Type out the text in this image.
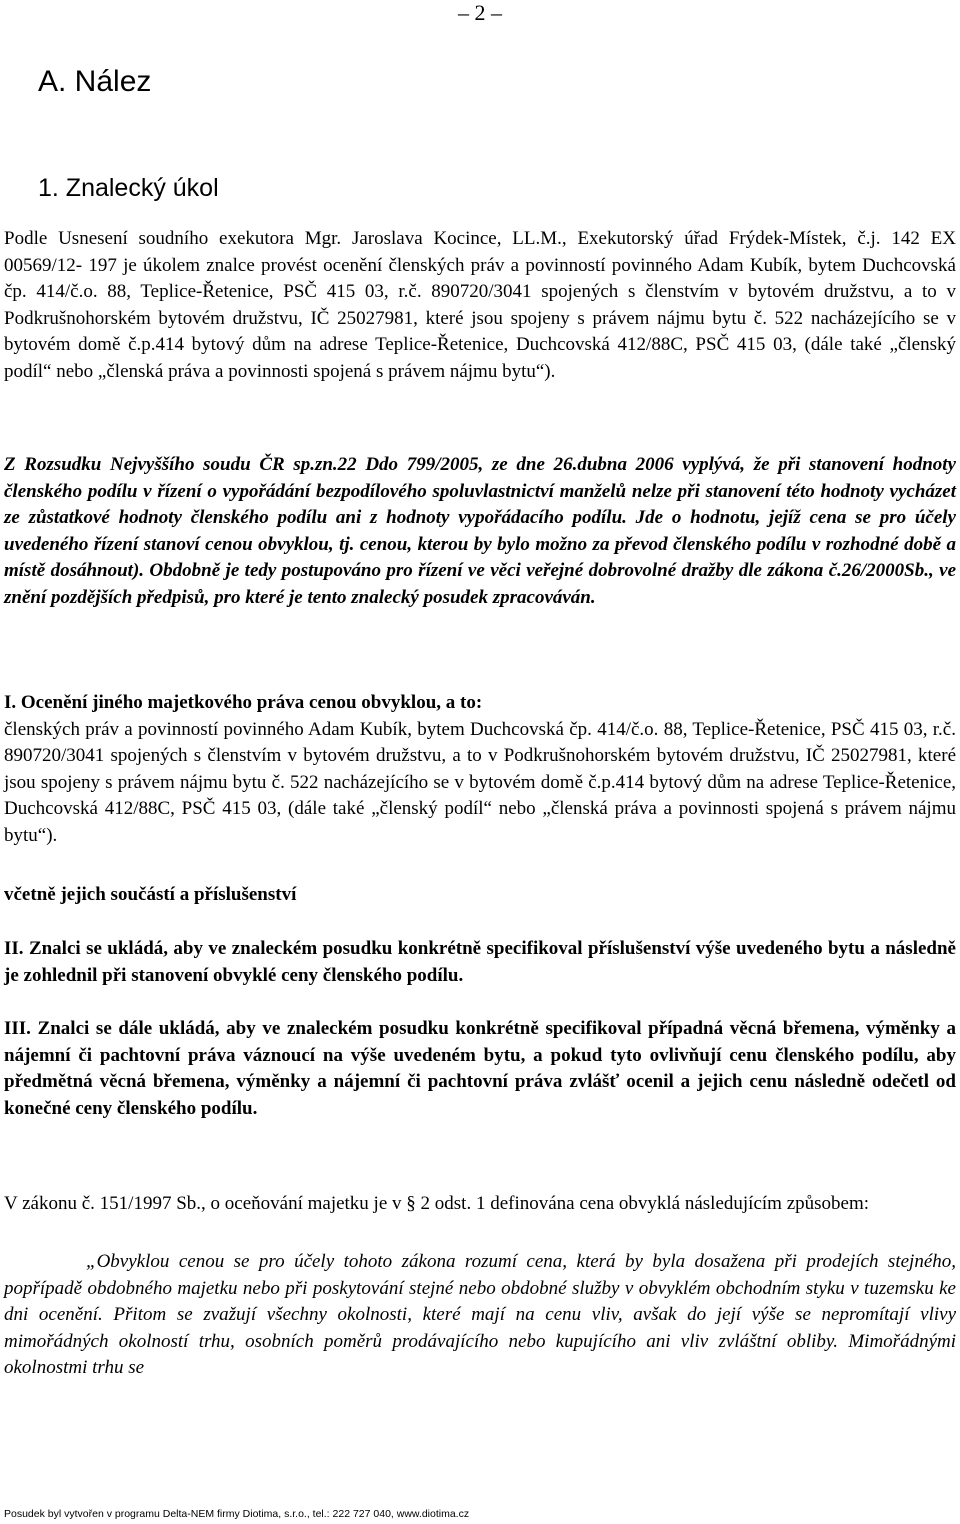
– 2 –
A. Nález
1. Znalecký úkol

Podle Usnesení soudního exekutora Mgr. Jaroslava Kocince, LL.M., Exekutorský úřad Frýdek-Místek, č.j. 142 EX 00569/12- 197 je úkolem znalce provést ocenění členských práv a povinností povinného Adam Kubík, bytem Duchcovská čp. 414/č.o. 88, Teplice-Řetenice, PSČ 415 03, r.č. 890720/3041 spojených s členstvím v bytovém družstvu, a to v Podkrušnohorském bytovém družstvu, IČ 25027981, které jsou spojeny s právem nájmu bytu č. 522 nacházejícího se v bytovém domě č.p.414 bytový dům na adrese Teplice-Řetenice, Duchcovská 412/88C, PSČ 415 03, (dále také „členský podíl“ nebo „členská práva a povinnosti spojená s právem nájmu bytu“).

Z Rozsudku Nejvyššího soudu ČR sp.zn.22 Ddo 799/2005, ze dne 26.dubna 2006 vyplývá, že při stanovení hodnoty členského podílu v řízení o vypořádání bezpodílového spoluvlastnictví manželů nelze při stanovení této hodnoty vycházet ze zůstatkové hodnoty členského podílu ani z hodnoty vypořádacího podílu. Jde o hodnotu, jejíž cena se pro účely uvedeného řízení stanoví cenou obvyklou, tj. cenou, kterou by bylo možno za převod členského podílu v rozhodné době a místě dosáhnout). Obdobně je tedy postupováno pro řízení ve věci veřejné dobrovolné dražby dle zákona č.26/2000Sb., ve znění pozdějších předpisů, pro které je tento znalecký posudek zpracováván.

I. Ocenění jiného majetkového práva cenou obvyklou, a to:
členských práv a povinností povinného Adam Kubík, bytem Duchcovská čp. 414/č.o. 88, Teplice-Řetenice, PSČ 415 03, r.č. 890720/3041 spojených s členstvím v bytovém družstvu, a to v Podkrušnohorském bytovém družstvu, IČ 25027981, které jsou spojeny s právem nájmu bytu č. 522 nacházejícího se v bytovém domě č.p.414 bytový dům na adrese Teplice-Řetenice, Duchcovská 412/88C, PSČ 415 03, (dále také „členský podíl“ nebo „členská práva a povinnosti spojená s právem nájmu bytu“).

včetně jejich součástí a příslušenství

II. Znalci se ukládá, aby ve znaleckém posudku konkrétně specifikoval příslušenství výše uvedeného bytu a následně je zohlednil při stanovení obvyklé ceny členského podílu.

III. Znalci se dále ukládá, aby ve znaleckém posudku konkrétně specifikoval případná věcná břemena, výměnky a nájemní či pachtovní práva váznoucí na výše uvedeném bytu, a pokud tyto ovlivňují cenu členského podílu, aby předmětná věcná břemena, výměnky a nájemní či pachtovní práva zvlášť ocenil a jejich cenu následně odečetl od konečné ceny členského podílu.

V zákonu č. 151/1997 Sb., o oceňování majetku je v § 2 odst. 1 definována cena obvyklá následujícím způsobem:

„Obvyklou cenou se pro účely tohoto zákona rozumí cena, která by byla dosažena při prodejích stejného, popřípadě obdobného majetku nebo při poskytování stejné nebo obdobné služby v obvyklém obchodním styku v tuzemsku ke dni ocenění. Přitom se zvažují všechny okolnosti, které mají na cenu vliv, avšak do její výše se nepromítají vlivy mimořádných okolností trhu, osobních poměrů prodávajícího nebo kupujícího ani vliv zvláštní obliby. Mimořádnými okolnostmi trhu se

Posudek byl vytvořen v programu Delta-NEM firmy Diotima, s.r.o., tel.: 222 727 040, www.diotima.cz
